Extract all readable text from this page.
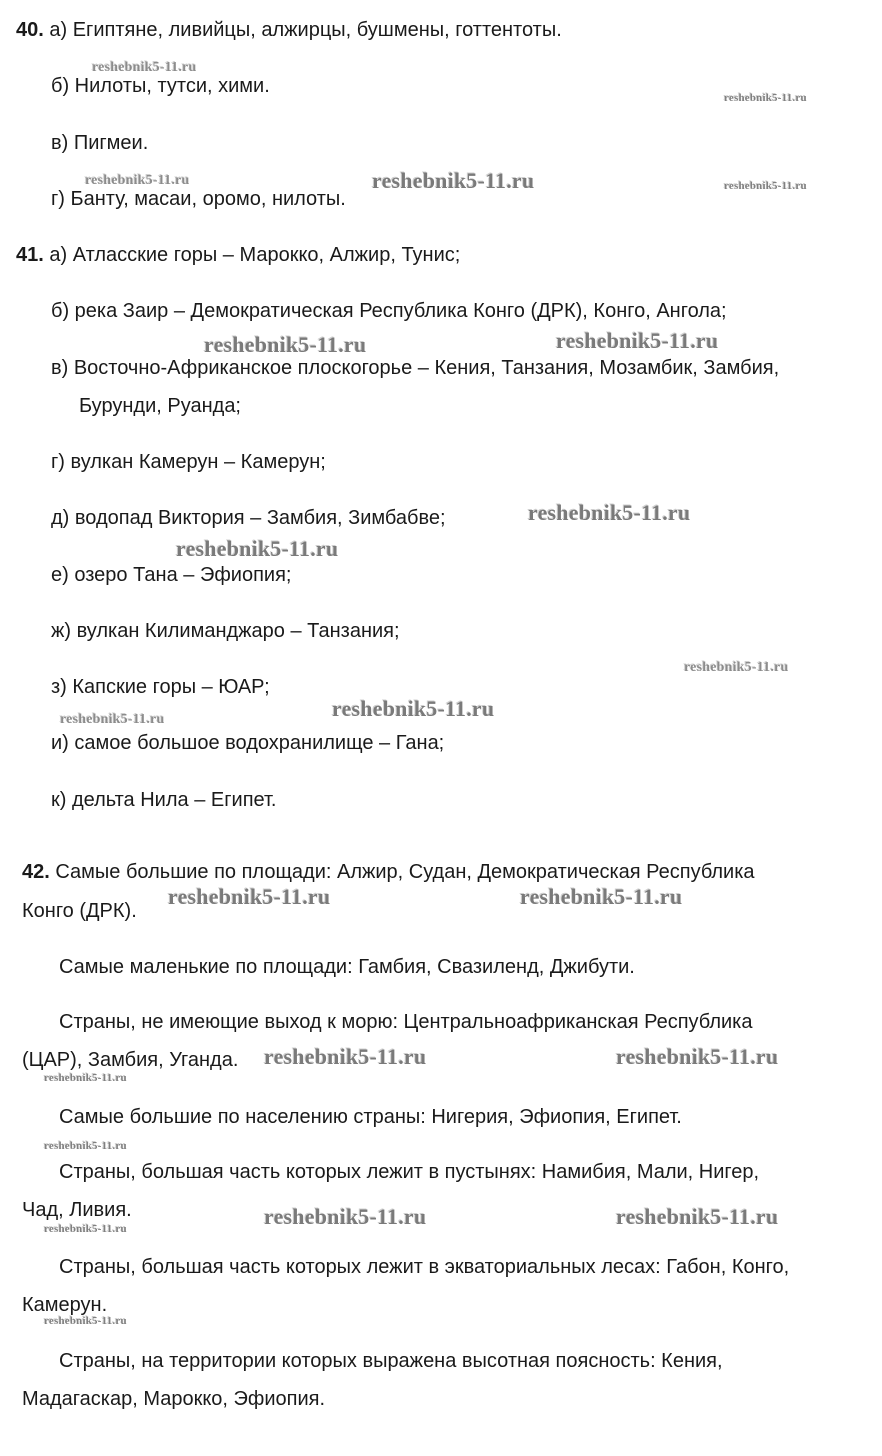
40. а) Египтяне, ливийцы, алжирцы, бушмены, готтентоты.
б) Нилоты, тутси, хими.
в) Пигмеи.
г) Банту, масаи, оромо, нилоты.
41. а) Атласские горы – Марокко, Алжир, Тунис;
б) река Заир – Демократическая Республика Конго (ДРК), Конго, Ангола;
в) Восточно-Африканское плоскогорье – Кения, Танзания, Мозамбик, Замбия,
Бурунди, Руанда;
г) вулкан Камерун – Камерун;
д) водопад Виктория – Замбия, Зимбабве;
е) озеро Тана – Эфиопия;
ж) вулкан Килиманджаро – Танзания;
з) Капские горы – ЮАР;
и) самое большое водохранилище – Гана;
к) дельта Нила – Египет.
42. Самые большие по площади: Алжир, Судан, Демократическая Республика
Конго (ДРК).
Самые маленькие по площади: Гамбия, Свазиленд, Джибути.
Страны, не имеющие выход к морю: Центральноафриканская Республика
(ЦАР), Замбия, Уганда.
Самые большие по населению страны: Нигерия, Эфиопия, Египет.
Страны, большая часть которых лежит в пустынях: Намибия, Мали, Нигер,
Чад, Ливия.
Страны, большая часть которых лежит в экваториальных лесах: Габон, Конго,
Камерун.
Страны, на территории которых выражена высотная поясность: Кения,
Мадагаскар, Марокко, Эфиопия.
reshebnik5-11.ru
reshebnik5-11.ru
reshebnik5-11.ru	reshebnik5-11.ru	reshebnik5-11.ru
reshebnik5-11.ru	reshebnik5-11.ru
reshebnik5-11.ru
reshebnik5-11.ru
reshebnik5-11.ru
reshebnik5-11.ru
reshebnik5-11.ru
reshebnik5-11.ru	reshebnik5-11.ru
reshebnik5-11.ru	reshebnik5-11.ru
reshebnik5-11.ru
reshebnik5-11.ru
reshebnik5-11.ru	reshebnik5-11.ru
reshebnik5-11.ru
reshebnik5-11.ru
